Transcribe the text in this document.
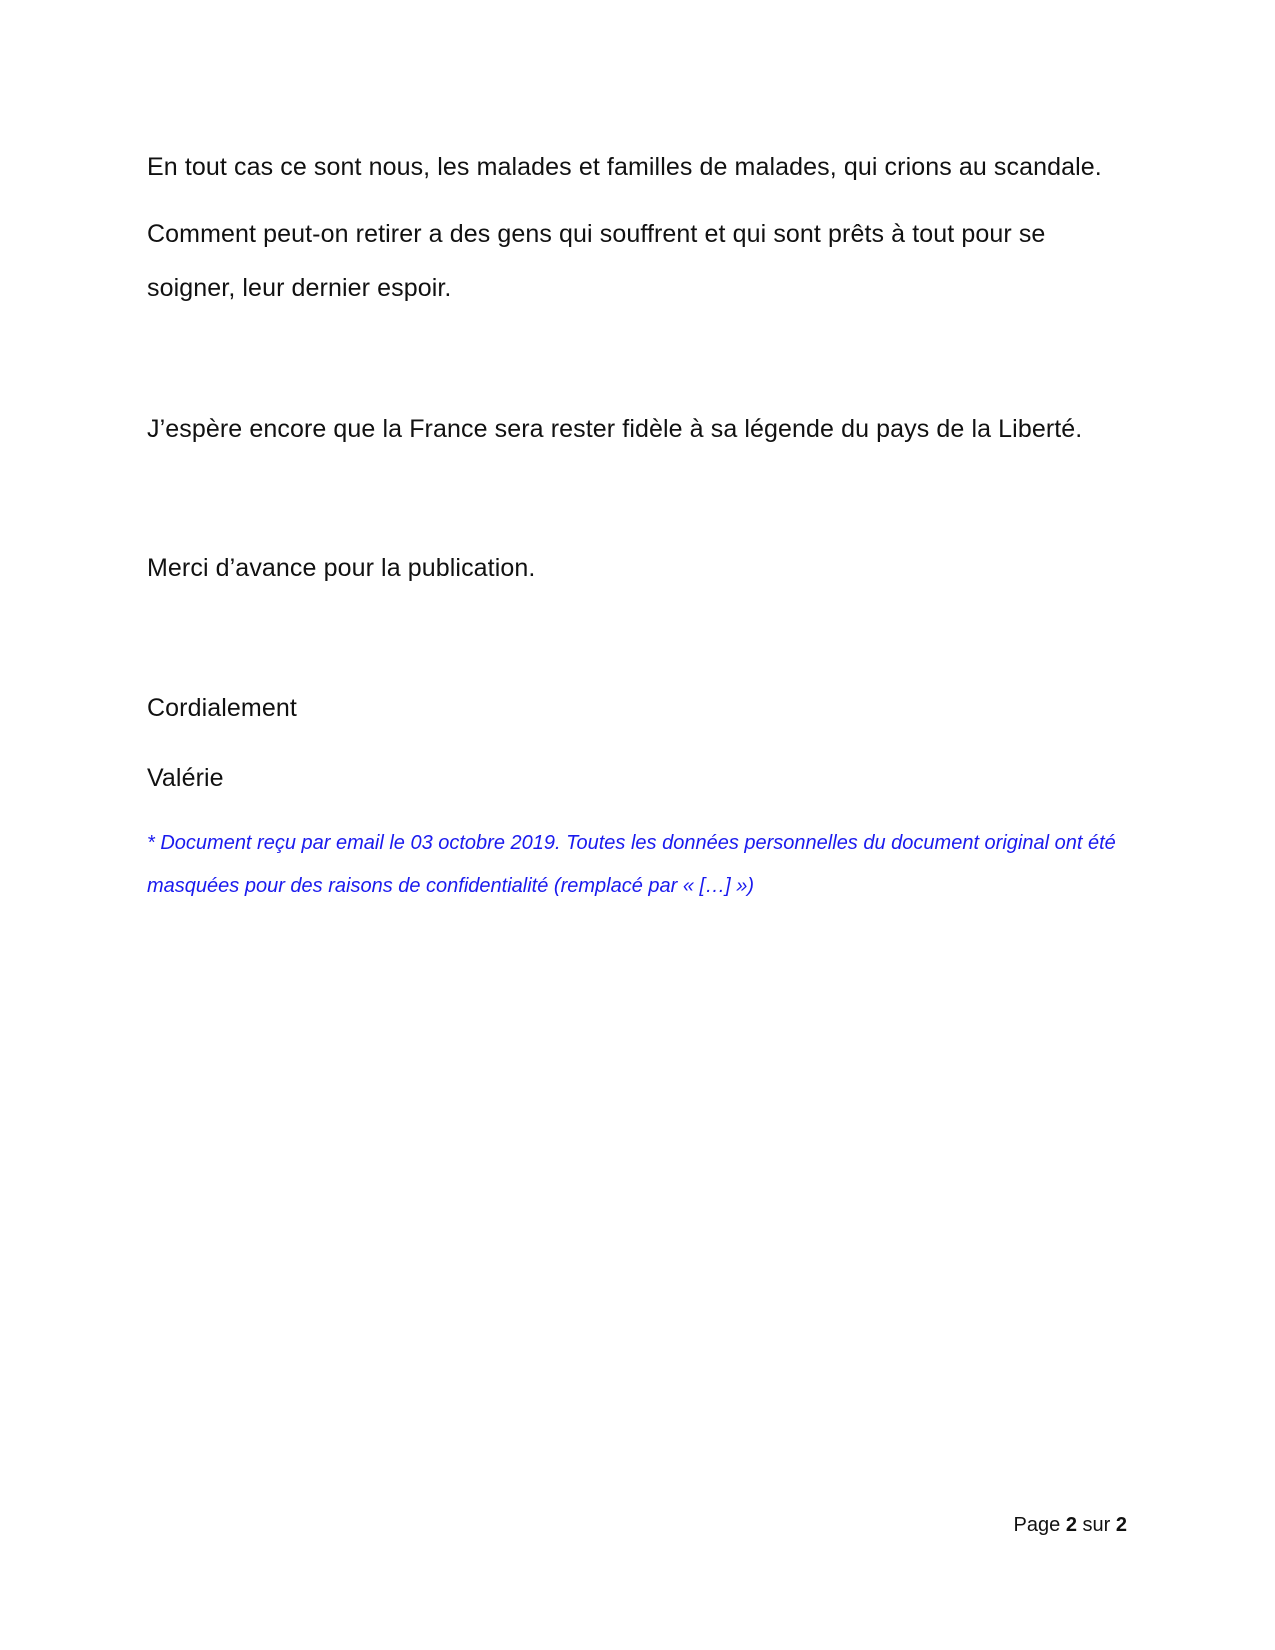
En tout cas ce sont nous, les malades et familles de malades, qui crions au scandale.

Comment peut-on retirer a des gens qui souffrent et qui sont prêts à tout pour se soigner, leur dernier espoir.

J’espère encore que la France sera rester fidèle à sa légende du pays de la Liberté.

Merci d’avance pour la publication.

Cordialement

Valérie

* Document reçu par email le 03 octobre 2019. Toutes les données personnelles du document original ont été masquées pour des raisons de confidentialité (remplacé par « […] »)

Page 2 sur 2
